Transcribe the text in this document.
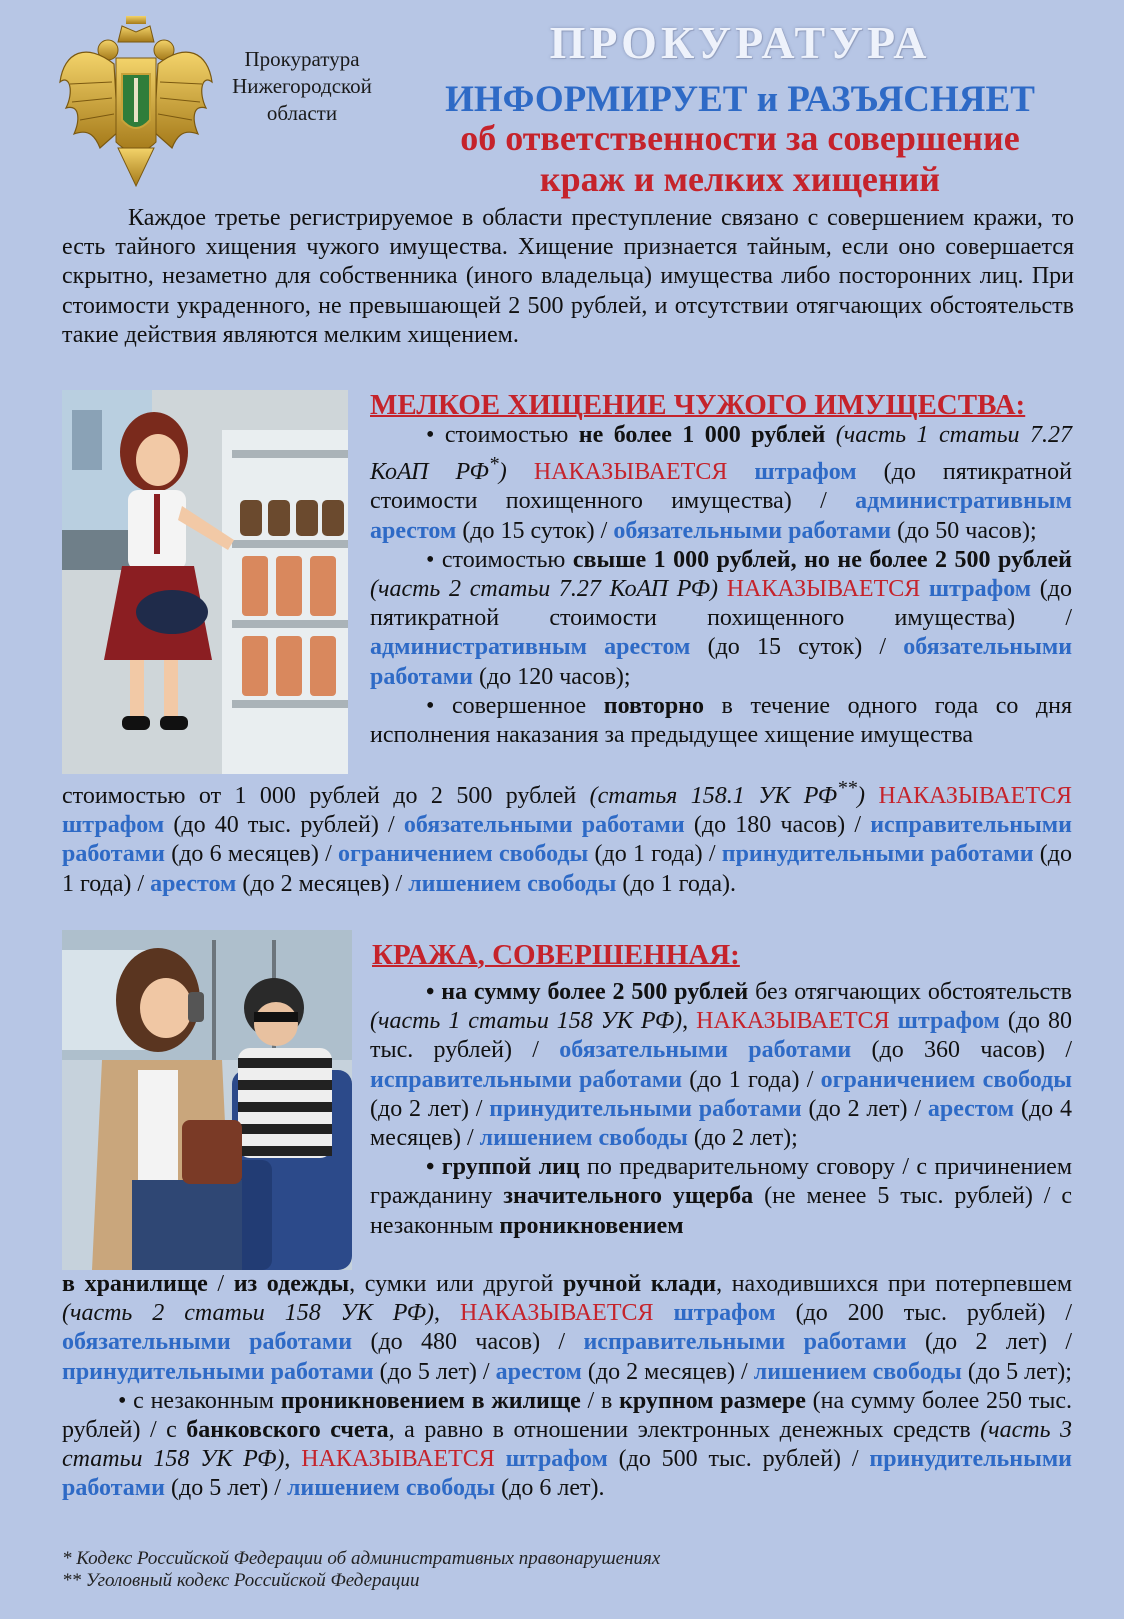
Прокуратура
Нижегородской
области
ПРОКУРАТУРА
ИНФОРМИРУЕТ и РАЗЪЯСНЯЕТ
об ответственности за совершение
краж и мелких хищений
Каждое третье регистрируемое в области преступление связано с совершением кражи, то есть тайного хищения чужого имущества. Хищение признается тайным, если оно совершается скрытно, незаметно для собственника (иного владельца) имущества либо посторонних лиц. При стоимости украденного, не превышающей 2 500 рублей, и отсутствии отягчающих обстоятельств такие действия являются мелким хищением.
МЕЛКОЕ ХИЩЕНИЕ ЧУЖОГО ИМУЩЕСТВА:
• стоимостью не более 1 000 рублей (часть 1 статьи 7.27 КоАП РФ*) НАКАЗЫВАЕТСЯ штрафом (до пятикратной стоимости похищенного имущества) / административным арестом (до 15 суток) / обязательными работами (до 50 часов);
• стоимостью свыше 1 000 рублей, но не более 2 500 рублей (часть 2 статьи 7.27 КоАП РФ) НАКАЗЫВАЕТСЯ штрафом (до пятикратной стоимости похищенного имущества) / административным арестом (до 15 суток) / обязательными работами (до 120 часов);
• совершенное повторно в течение одного года со дня исполнения наказания за предыдущее хищение имущества
стоимостью от 1 000 рублей до 2 500 рублей (статья 158.1 УК РФ**) НАКАЗЫВАЕТСЯ штрафом (до 40 тыс. рублей) / обязательными работами (до 180 часов) / исправительными работами (до 6 месяцев) / ограничением свободы (до 1 года) / принудительными работами (до 1 года) / арестом (до 2 месяцев) / лишением свободы (до 1 года).
КРАЖА, СОВЕРШЕННАЯ:
• на сумму более 2 500 рублей без отягчающих обстоятельств (часть 1 статьи 158 УК РФ), НАКАЗЫВАЕТСЯ штрафом (до 80 тыс. рублей) / обязательными работами (до 360 часов) / исправительными работами (до 1 года) / ограничением свободы (до 2 лет) / принудительными работами (до 2 лет) / арестом (до 4 месяцев) / лишением свободы (до 2 лет);
• группой лиц по предварительному сговору / с причинением гражданину значительного ущерба (не менее 5 тыс. рублей) / с незаконным проникновением
в хранилище / из одежды, сумки или другой ручной клади, находившихся при потерпевшем (часть 2 статьи 158 УК РФ), НАКАЗЫВАЕТСЯ штрафом (до 200 тыс. рублей) / обязательными работами (до 480 часов) / исправительными работами (до 2 лет) / принудительными работами (до 5 лет) / арестом (до 2 месяцев) / лишением свободы (до 5 лет);
• с незаконным проникновением в жилище / в крупном размере (на сумму более 250 тыс. рублей) / с банковского счета, а равно в отношении электронных денежных средств (часть 3 статьи 158 УК РФ), НАКАЗЫВАЕТСЯ штрафом (до 500 тыс. рублей) / принудительными работами (до 5 лет) / лишением свободы (до 6 лет).
* Кодекс Российской Федерации об административных правонарушениях
** Уголовный кодекс Российской Федерации
